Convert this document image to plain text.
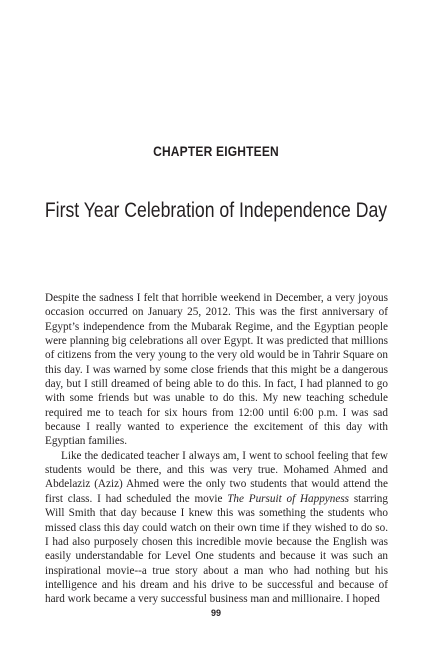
CHAPTER EIGHTEEN
First Year Celebration of Independence Day

Despite the sadness I felt that horrible weekend in December, a very joyous occasion occurred on January 25, 2012. This was the first anniversary of Egypt’s independence from the Mubarak Regime, and the Egyptian people were planning big celebrations all over Egypt. It was predicted that millions of citizens from the very young to the very old would be in Tahrir Square on this day. I was warned by some close friends that this might be a dangerous day, but I still dreamed of being able to do this. In fact, I had planned to go with some friends but was unable to do this. My new teaching schedule required me to teach for six hours from 12:00 until 6:00 p.m. I was sad because I really wanted to experience the excitement of this day with Egyptian families.

Like the dedicated teacher I always am, I went to school feeling that few students would be there, and this was very true. Mohamed Ahmed and Abdelaziz (Aziz) Ahmed were the only two students that would attend the first class. I had scheduled the movie The Pursuit of Happyness starring Will Smith that day because I knew this was something the students who missed class this day could watch on their own time if they wished to do so. I had also purposely chosen this incredible movie because the English was easily understandable for Level One students and because it was such an inspirational movie--a true story about a man who had nothing but his intelligence and his dream and his drive to be successful and because of hard work became a very successful business man and millionaire. I hoped

99
